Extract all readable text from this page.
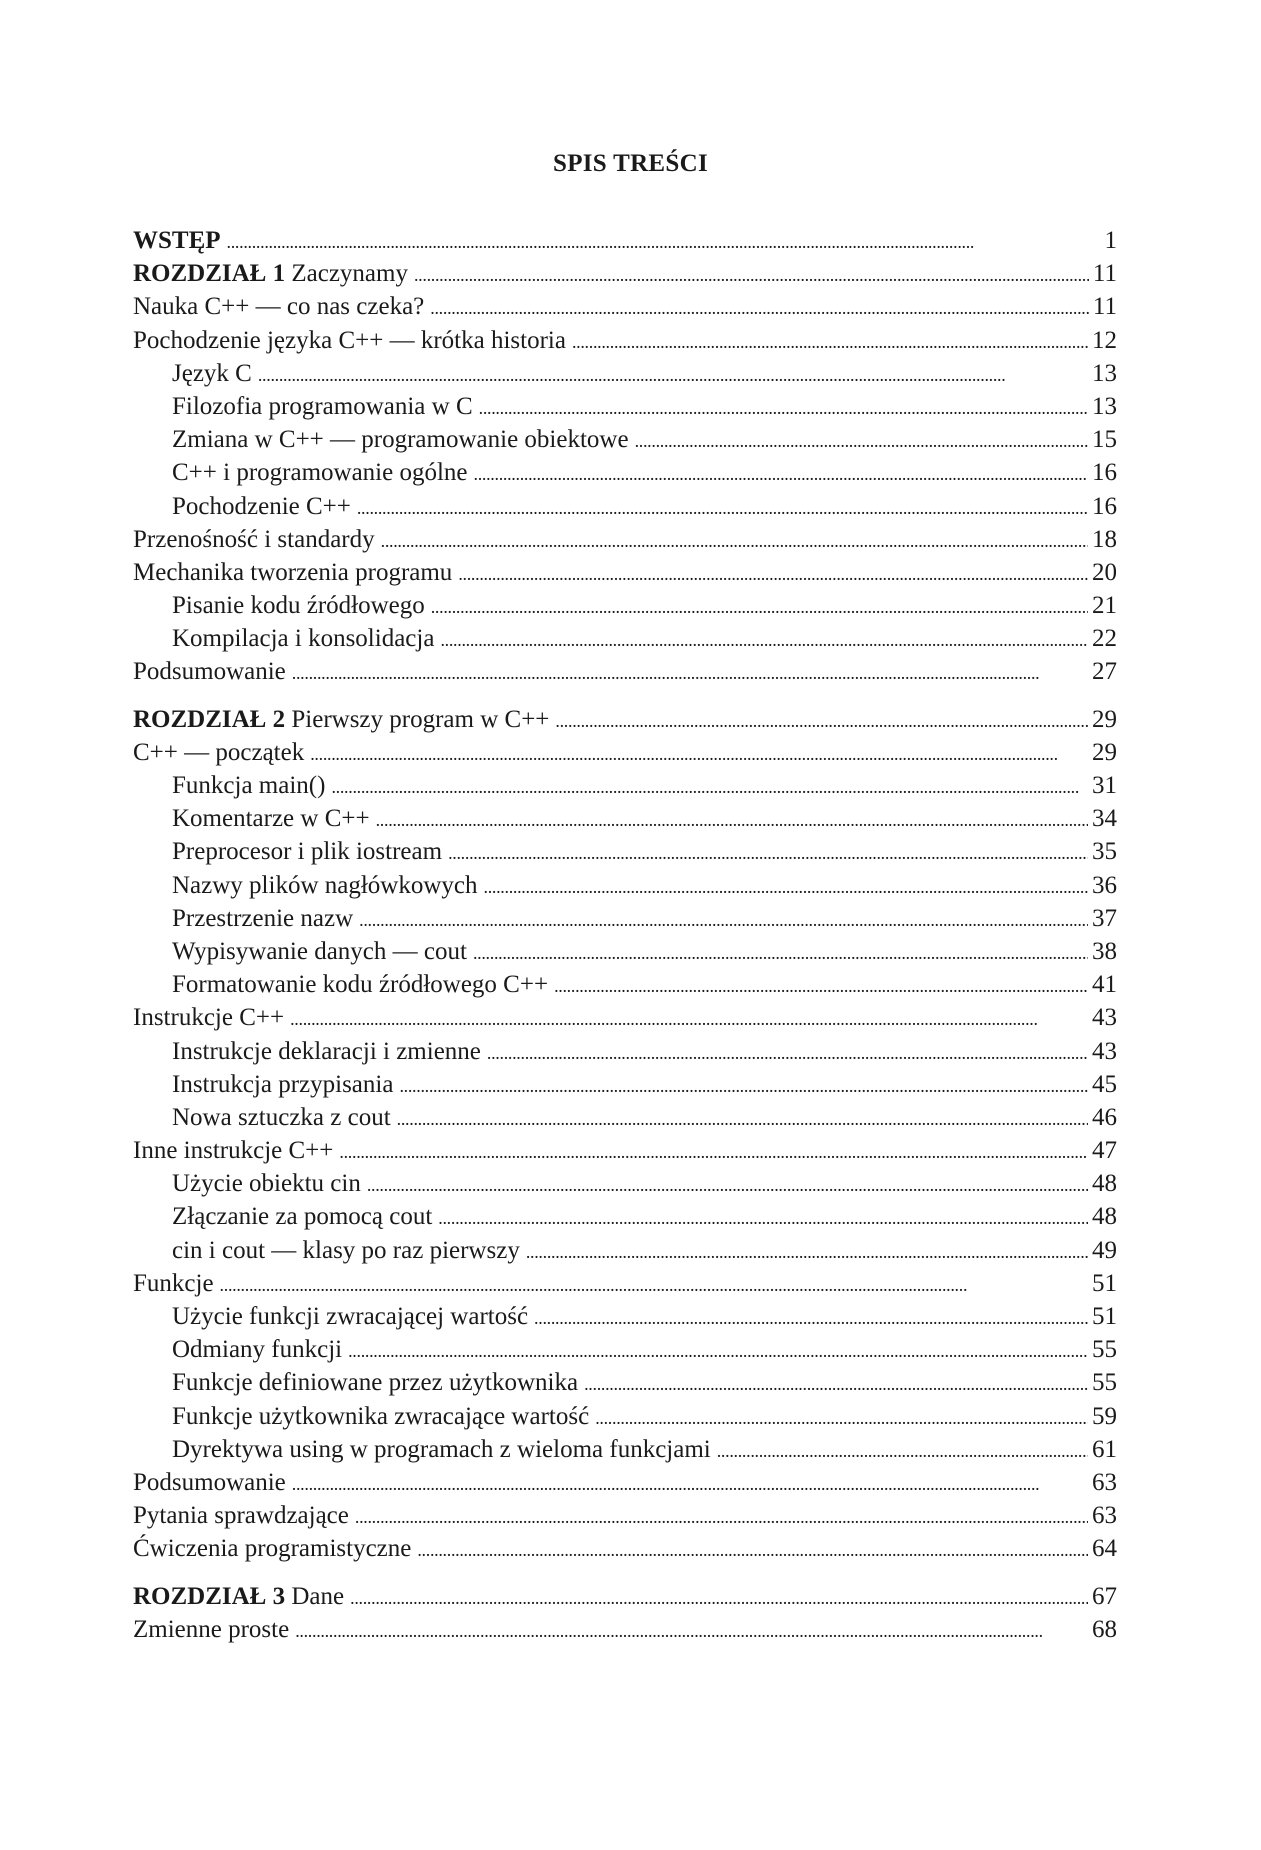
SPIS TREŚCI
WSTĘP . . .	1
ROZDZIAŁ 1 Zaczynamy . . .	11
Nauka C++ — co nas czeka? . . .	11
Pochodzenie języka C++ — krótka historia . . .	12
Język C . . .	13
Filozofia programowania w C . . .	13
Zmiana w C++ — programowanie obiektowe . . .	15
C++ i programowanie ogólne . . .	16
Pochodzenie C++ . . .	16
Przenośność i standardy . . .	18
Mechanika tworzenia programu . . .	20
Pisanie kodu źródłowego . . .	21
Kompilacja i konsolidacja . . .	22
Podsumowanie . . .	27
ROZDZIAŁ 2 Pierwszy program w C++ . . .	29
C++ — początek . . .	29
Funkcja main() . . .	31
Komentarze w C++ . . .	34
Preprocesor i plik iostream . . .	35
Nazwy plików nagłówkowych . . .	36
Przestrzenie nazw . . .	37
Wypisywanie danych — cout . . .	38
Formatowanie kodu źródłowego C++ . . .	41
Instrukcje C++ . . .	43
Instrukcje deklaracji i zmienne . . .	43
Instrukcja przypisania . . .	45
Nowa sztuczka z cout . . .	46
Inne instrukcje C++ . . .	47
Użycie obiektu cin . . .	48
Złączanie za pomocą cout . . .	48
cin i cout — klasy po raz pierwszy . . .	49
Funkcje . . .	51
Użycie funkcji zwracającej wartość . . .	51
Odmiany funkcji . . .	55
Funkcje definiowane przez użytkownika . . .	55
Funkcje użytkownika zwracające wartość . . .	59
Dyrektywa using w programach z wieloma funkcjami . . .	61
Podsumowanie . . .	63
Pytania sprawdzające . . .	63
Ćwiczenia programistyczne . . .	64
ROZDZIAŁ 3 Dane . . .	67
Zmienne proste . . .	68
